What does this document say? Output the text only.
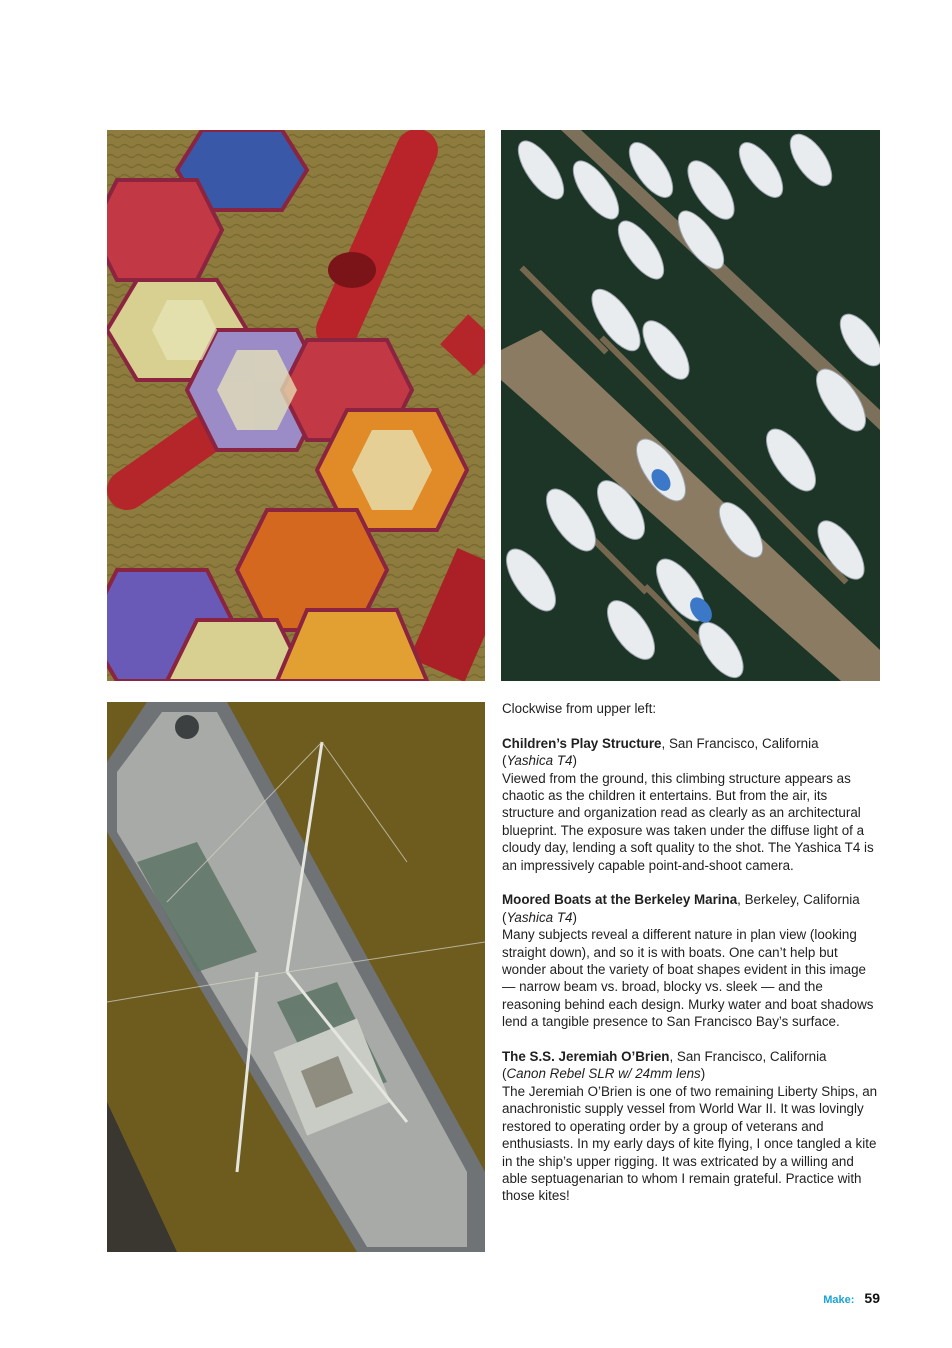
Clockwise from upper left:

Children’s Play Structure, San Francisco, California
(Yashica T4)
Viewed from the ground, this climbing structure appears as chaotic as the children it entertains. But from the air, its structure and organization read as clearly as an architectural blueprint. The exposure was taken under the diffuse light of a cloudy day, lending a soft quality to the shot. The Yashica T4 is an impressively capable point-and-shoot camera.
Moored Boats at the Berkeley Marina, Berkeley, California
(Yashica T4)
Many subjects reveal a different nature in plan view (looking straight down), and so it is with boats. One can’t help but wonder about the variety of boat shapes evident in this image — narrow beam vs. broad, blocky vs. sleek — and the reasoning behind each design. Murky water and boat shadows lend a tangible presence to San Francisco Bay’s surface.
The S.S. Jeremiah O’Brien, San Francisco, California
(Canon Rebel SLR w/ 24mm lens)
The Jeremiah O’Brien is one of two remaining Liberty Ships, an anachronistic supply vessel from World War II. It was lovingly restored to operating order by a group of veterans and enthusiasts. In my early days of kite flying, I once tangled a kite in the ship’s upper rigging. It was extricated by a willing and able septuagenarian to whom I remain grateful. Practice with those kites!
Make: 59
